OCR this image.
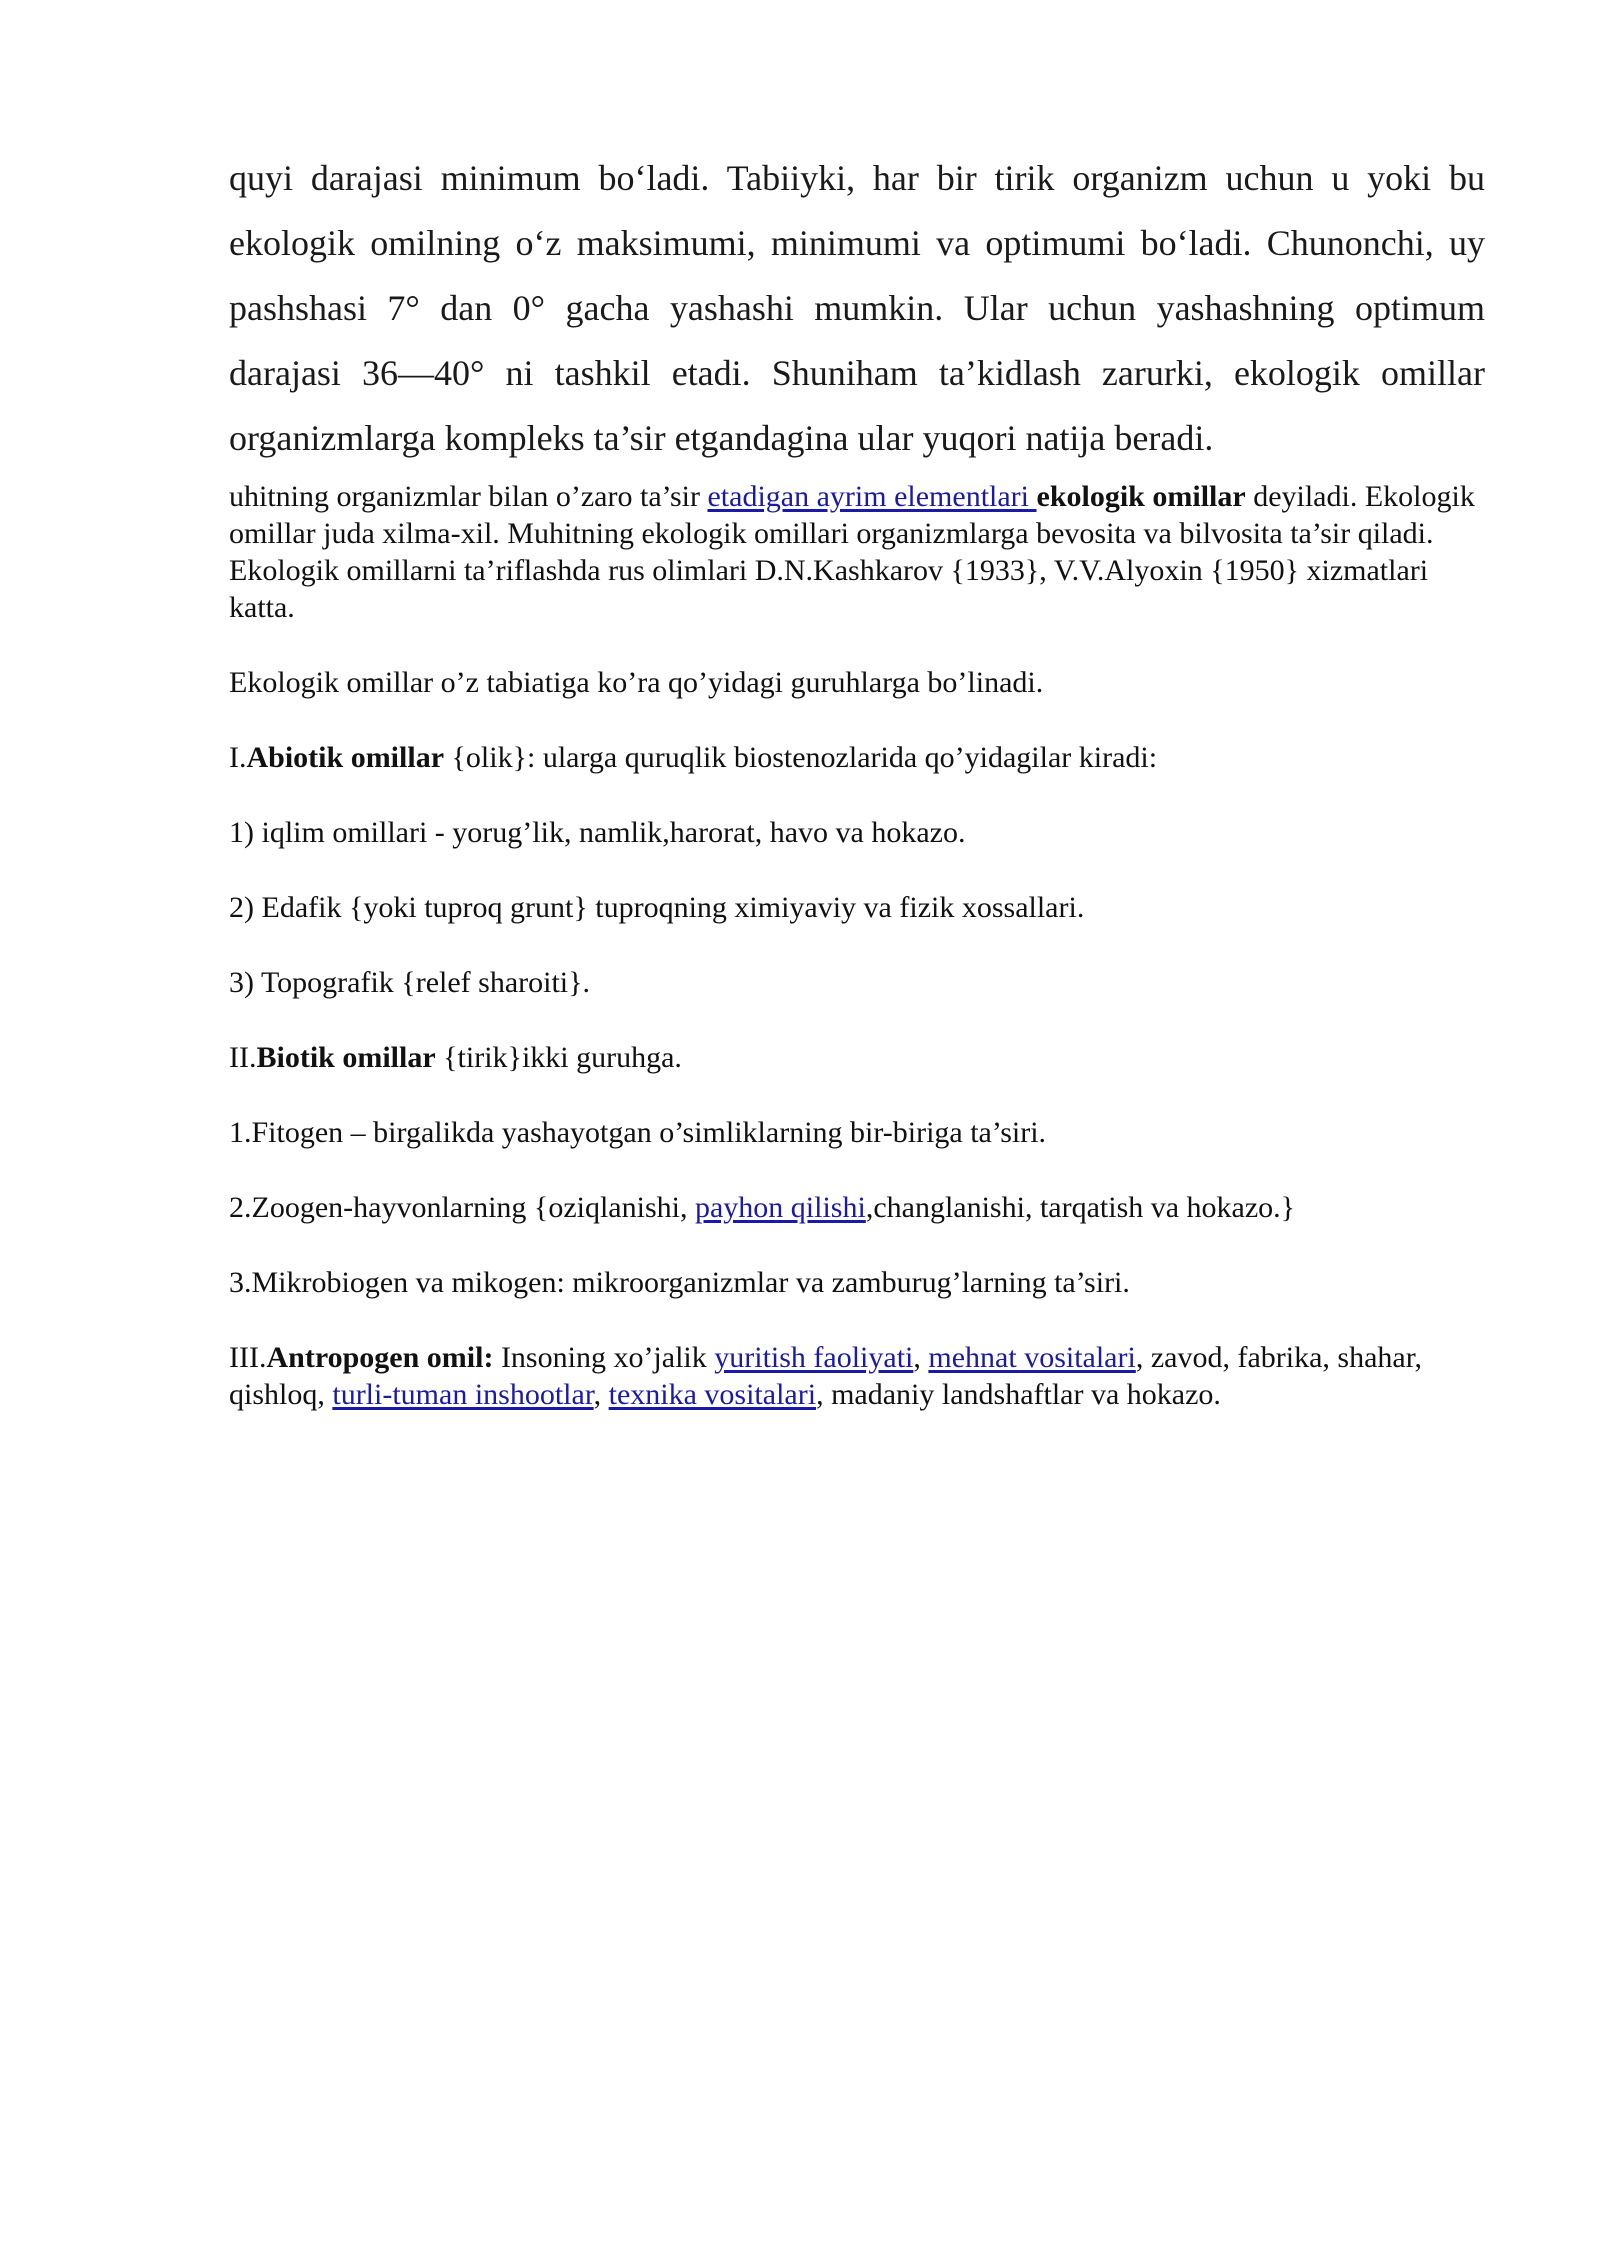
quyi darajasi minimum bo‘ladi. Tabiiyki, har bir tirik organizm uchun u yoki bu ekologik omilning o‘z maksimumi, minimumi va optimumi bo‘ladi. Chunonchi, uy pashshasi 7° dan 0° gacha yashashi mumkin. Ular uchun yashashning optimum darajasi 36—40° ni tashkil etadi. Shuniham ta’kidlash zarurki, ekologik omillar organizmlarga kompleks ta’sir etgandagina ular yuqori natija beradi.

uhitning organizmlar bilan o’zaro ta’sir etadigan ayrim elementlari ekologik omillar deyiladi. Ekologik omillar juda xilma-xil. Muhitning ekologik omillari organizmlarga bevosita va bilvosita ta’sir qiladi. Ekologik omillarni ta’riflashda rus olimlari D.N.Kashkarov {1933}, V.V.Alyoxin {1950} xizmatlari katta.

Ekologik omillar o’z tabiatiga ko’ra qo’yidagi guruhlarga bo’linadi.

I.Abiotik omillar {olik}: ularga quruqlik biostenozlarida qo’yidagilar kiradi:

1) iqlim omillari - yorug’lik, namlik,harorat, havo va hokazo.

2) Edafik {yoki tuproq grunt} tuproqning ximiyaviy va fizik xossallari.

3) Topografik {relef sharoiti}.

II.Biotik omillar {tirik}ikki guruhga.

1.Fitogen – birgalikda yashayotgan o’simliklarning bir-biriga ta’siri.

2.Zoogen-hayvonlarning {oziqlanishi, payhon qilishi,changlanishi, tarqatish va hokazo.}

3.Mikrobiogen va mikogen: mikroorganizmlar va zamburug’larning ta’siri.

III.Antropogen omil: Insoning xo’jalik yuritish faoliyati, mehnat vositalari, zavod, fabrika, shahar, qishloq, turli-tuman inshootlar, texnika vositalari, madaniy landshaftlar va hokazo.
